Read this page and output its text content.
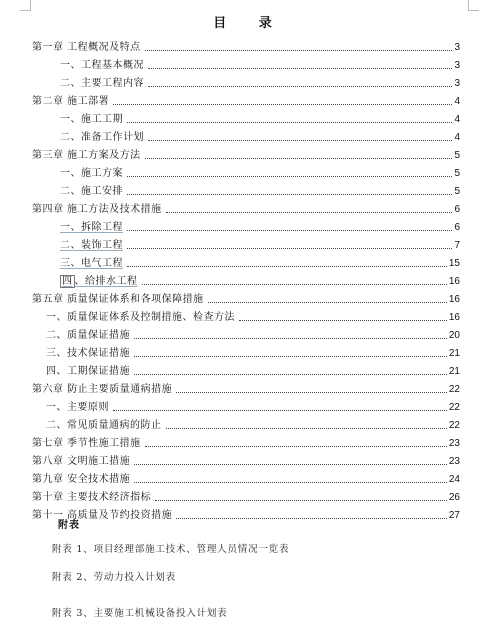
目 录
第一章 工程概况及特点	3
一、工程基本概况	3
二、主要工程内容	3
第二章 施工部署	4
一、施工工期	4
二、准备工作计划	4
第三章 施工方案及方法	5
一、施工方案	5
二、施工安排	5
第四章 施工方法及技术措施	6
一、拆除工程	6
二、装饰工程	7
三、电气工程	15
四 、给排水工程	16
第五章 质量保证体系和各项保障措施	16
一、质量保证体系及控制措施、检查方法	16
二、质量保证措施	20
三、技术保证措施	21
四、工期保证措施	21
第六章 防止主要质量通病措施	22
一、主要原则	22
二、常见质量通病的防止	22
第七章 季节性施工措施	23
第八章 文明施工措施	23
第九章 安全技术措施	24
第十章 主要技术经济指标	26
第十一 高质量及节约投资措施	27
附表
附表 1、项目经理部施工技术、管理人员情况一览表
附表 2、劳动力投入计划表
附表 3、主要施工机械设备投入计划表
